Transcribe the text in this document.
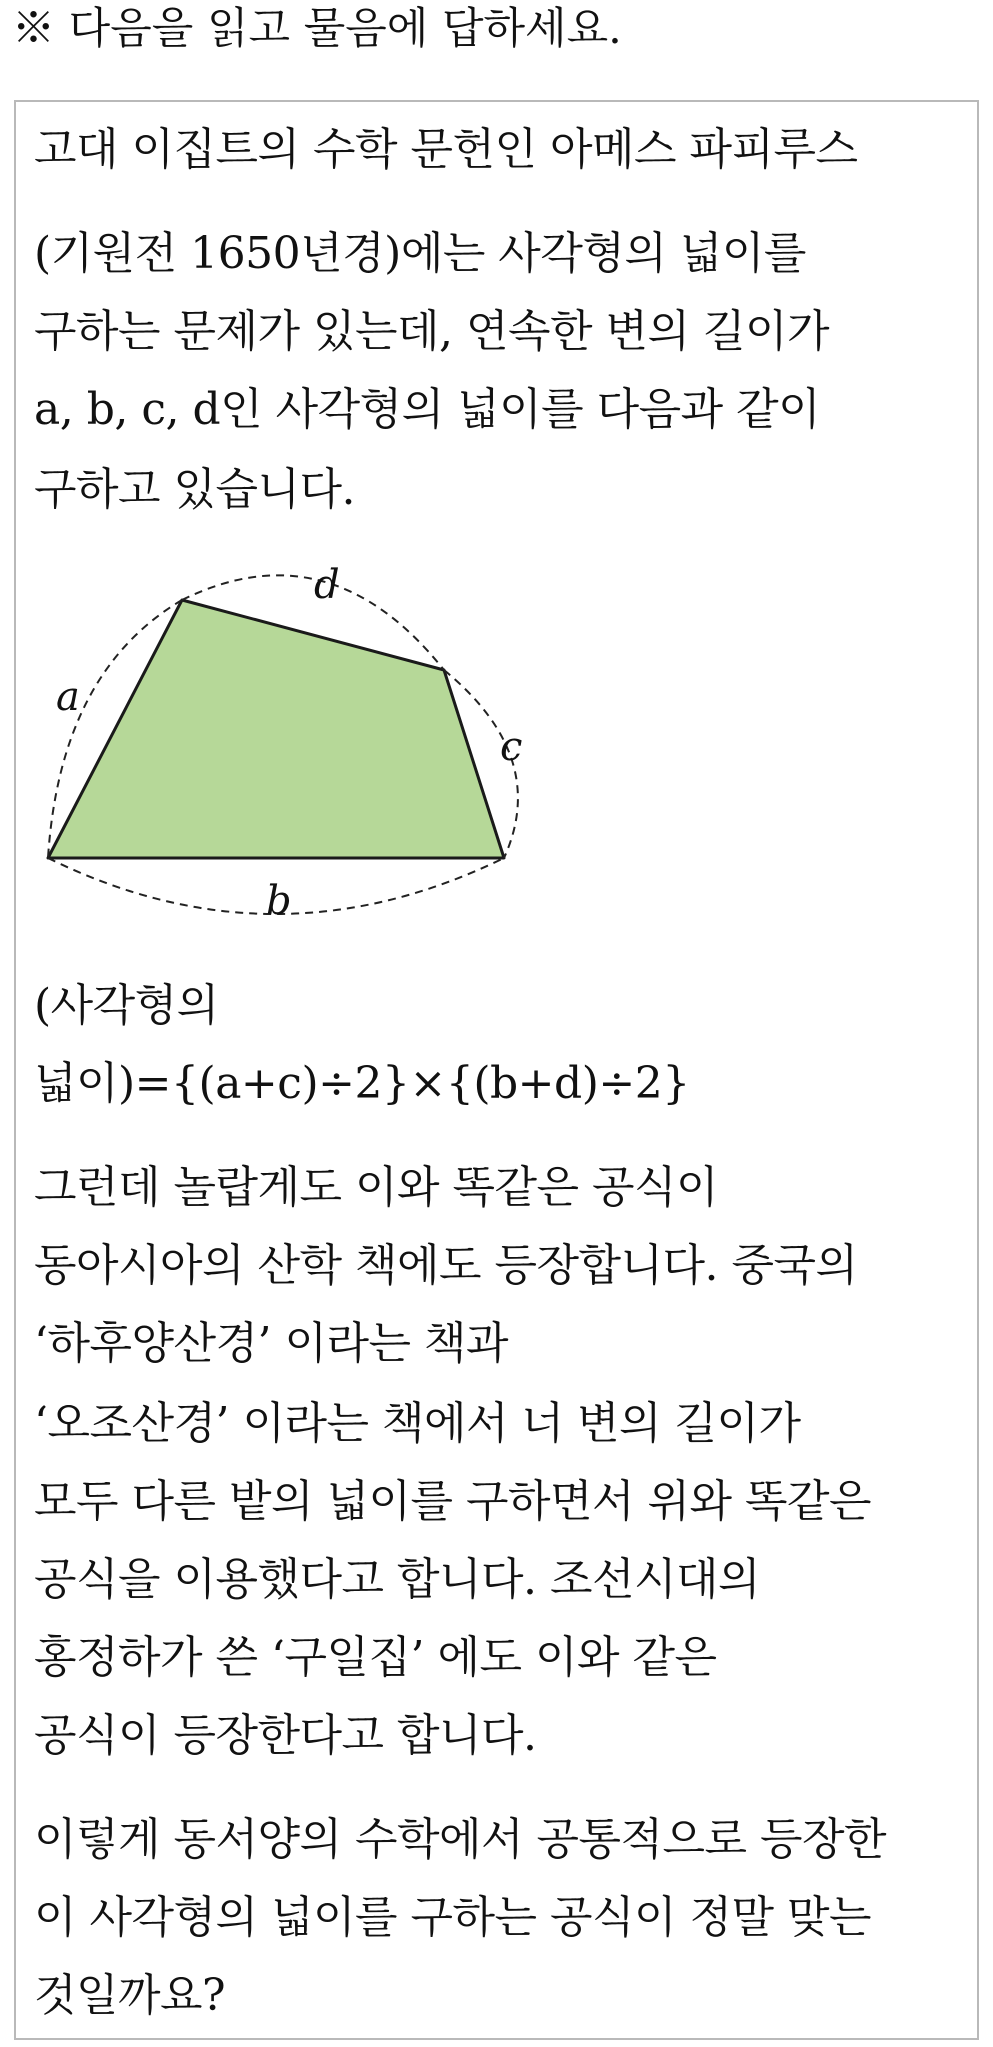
※ 다음을 읽고 물음에 답하세요.
고대 이집트의 수학 문헌인 아메스 파피루스
(기원전 1650년경)에는 사각형의 넓이를
구하는 문제가 있는데, 연속한 변의 길이가
a, b, c, d인 사각형의 넓이를 다음과 같이
구하고 있습니다.
a
d
c
b
(사각형의
넓이)={(a+c)÷2}×{(b+d)÷2}
그런데 놀랍게도 이와 똑같은 공식이
동아시아의 산학 책에도 등장합니다. 중국의
‘하후양산경’ 이라는 책과
‘오조산경’ 이라는 책에서 너 변의 길이가
모두 다른 밭의 넓이를 구하면서 위와 똑같은
공식을 이용했다고 합니다. 조선시대의
홍정하가 쓴 ‘구일집’ 에도 이와 같은
공식이 등장한다고 합니다.
이렇게 동서양의 수학에서 공통적으로 등장한
이 사각형의 넓이를 구하는 공식이 정말 맞는
것일까요?
